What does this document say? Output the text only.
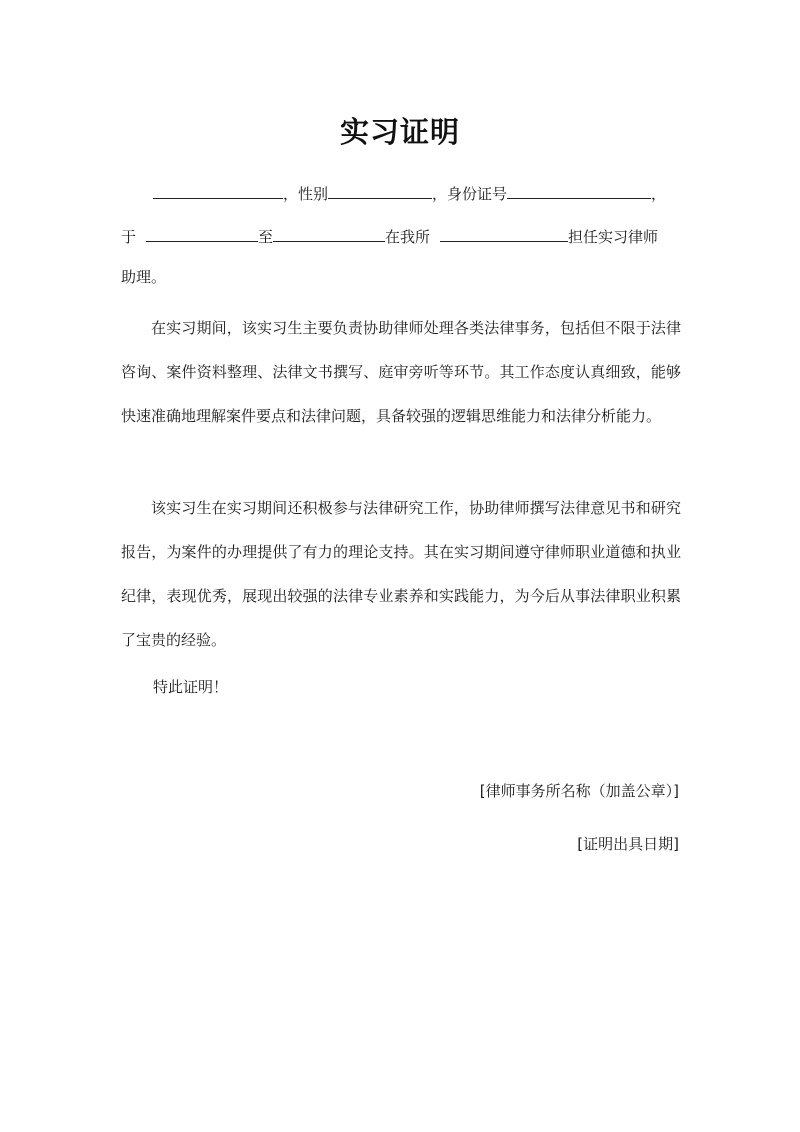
实习证明
，性别	，身份证号	，
于	至	在我所	担任实习律师
助理。

在实习期间，该实习生主要负责协助律师处理各类法律事务，包括但不限于法律咨询、案件资料整理、法律文书撰写、庭审旁听等环节。其工作态度认真细致，能够快速准确地理解案件要点和法律问题，具备较强的逻辑思维能力和法律分析能力。

该实习生在实习期间还积极参与法律研究工作，协助律师撰写法律意见书和研究报告，为案件的办理提供了有力的理论支持。其在实习期间遵守律师职业道德和执业纪律，表现优秀，展现出较强的法律专业素养和实践能力，为今后从事法律职业积累了宝贵的经验。

特此证明！
[律师事务所名称（加盖公章）]
[证明出具日期]
